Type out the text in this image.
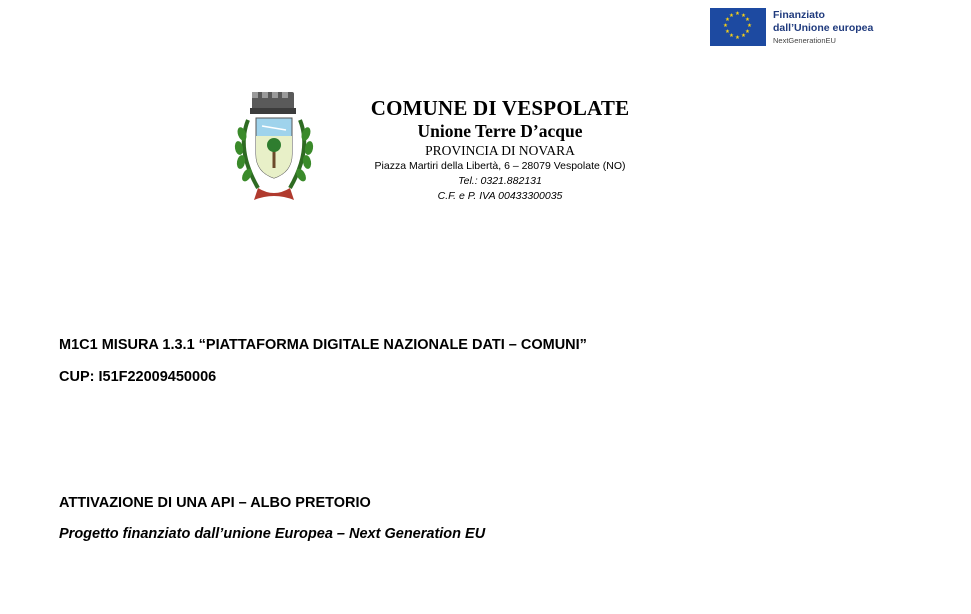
★ ★
★
★
★
★
★
★
★
★
★
★	Finanziato
dall’Unione europea
NextGenerationEU
COMUNE DI VESPOLATE
Unione Terre D’acque
PROVINCIA DI NOVARA
Piazza Martiri della Libertà, 6 – 28079 Vespolate (NO)
Tel.: 0321.882131
C.F. e P. IVA 00433300035
M1C1 MISURA 1.3.1 “PIATTAFORMA DIGITALE NAZIONALE DATI – COMUNI”
CUP: I51F22009450006
ATTIVAZIONE DI UNA API – ALBO PRETORIO
Progetto finanziato dall’unione Europea – Next Generation EU
